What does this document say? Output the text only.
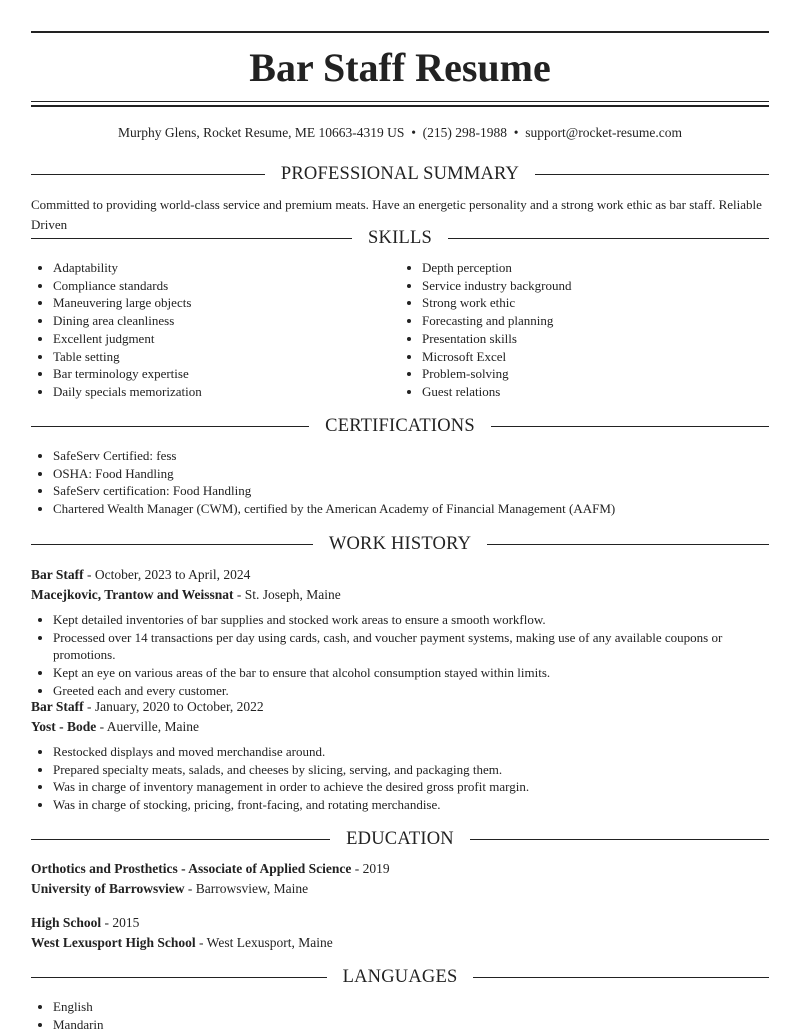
Bar Staff Resume
Murphy Glens, Rocket Resume, ME 10663-4319 US • (215) 298-1988 • support@rocket-resume.com
PROFESSIONAL SUMMARY
Committed to providing world-class service and premium meats. Have an energetic personality and a strong work ethic as bar staff. Reliable Driven
SKILLS
• Adaptability
• Compliance standards
• Maneuvering large objects
• Dining area cleanliness
• Excellent judgment
• Table setting
• Bar terminology expertise
• Daily specials memorization
• Depth perception
• Service industry background
• Strong work ethic
• Forecasting and planning
• Presentation skills
• Microsoft Excel
• Problem-solving
• Guest relations
CERTIFICATIONS
• SafeServ Certified: fess
• OSHA: Food Handling
• SafeServ certification: Food Handling
• Chartered Wealth Manager (CWM), certified by the American Academy of Financial Management (AAFM)
WORK HISTORY
Bar Staff - October, 2023 to April, 2024
Macejkovic, Trantow and Weissnat - St. Joseph, Maine
• Kept detailed inventories of bar supplies and stocked work areas to ensure a smooth workflow.
• Processed over 14 transactions per day using cards, cash, and voucher payment systems, making use of any available coupons or promotions.
• Kept an eye on various areas of the bar to ensure that alcohol consumption stayed within limits.
• Greeted each and every customer.
Bar Staff - January, 2020 to October, 2022
Yost - Bode - Auerville, Maine
• Restocked displays and moved merchandise around.
• Prepared specialty meats, salads, and cheeses by slicing, serving, and packaging them.
• Was in charge of inventory management in order to achieve the desired gross profit margin.
• Was in charge of stocking, pricing, front-facing, and rotating merchandise.
EDUCATION
Orthotics and Prosthetics - Associate of Applied Science - 2019
University of Barrowsview - Barrowsview, Maine
High School - 2015
West Lexusport High School - West Lexusport, Maine
LANGUAGES
• English
• Mandarin
